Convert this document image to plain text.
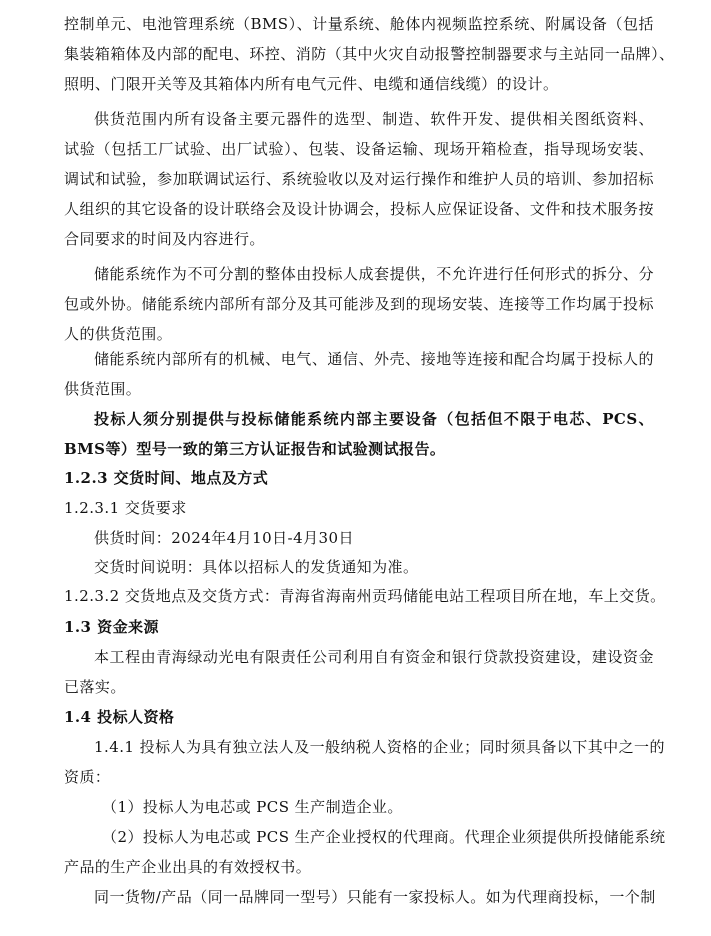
控制单元、电池管理系统（BMS）、计量系统、舱体内视频监控系统、附属设备（包括
集装箱箱体及内部的配电、环控、消防（其中火灾自动报警控制器要求与主站同一品牌）、
照明、门限开关等及其箱体内所有电气元件、电缆和通信线缆）的设计。
供货范围内所有设备主要元器件的选型、制造、软件开发、提供相关图纸资料、
试验（包括工厂试验、出厂试验）、包装、设备运输、现场开箱检查，指导现场安装、
调试和试验，参加联调试运行、系统验收以及对运行操作和维护人员的培训、参加招标
人组织的其它设备的设计联络会及设计协调会，投标人应保证设备、文件和技术服务按
合同要求的时间及内容进行。
储能系统作为不可分割的整体由投标人成套提供，不允许进行任何形式的拆分、分
包或外协。储能系统内部所有部分及其可能涉及到的现场安装、连接等工作均属于投标
人的供货范围。
储能系统内部所有的机械、电气、通信、外壳、接地等连接和配合均属于投标人的
供货范围。
投标人须分别提供与投标储能系统内部主要设备（包括但不限于电芯、PCS、
BMS等）型号一致的第三方认证报告和试验测试报告。
1.2.3 交货时间、地点及方式
1.2.3.1 交货要求
供货时间：2024年4月10日-4月30日
交货时间说明：具体以招标人的发货通知为准。
1.2.3.2 交货地点及交货方式：青海省海南州贡玛储能电站工程项目所在地，车上交货。
1.3 资金来源
本工程由青海绿动光电有限责任公司利用自有资金和银行贷款投资建设，建设资金
已落实。
1.4 投标人资格
1.4.1 投标人为具有独立法人及一般纳税人资格的企业；同时须具备以下其中之一的
资质：
（1）投标人为电芯或 PCS 生产制造企业。
（2）投标人为电芯或 PCS 生产企业授权的代理商。代理企业须提供所投储能系统
产品的生产企业出具的有效授权书。
同一货物/产品（同一品牌同一型号）只能有一家投标人。如为代理商投标，一个制
